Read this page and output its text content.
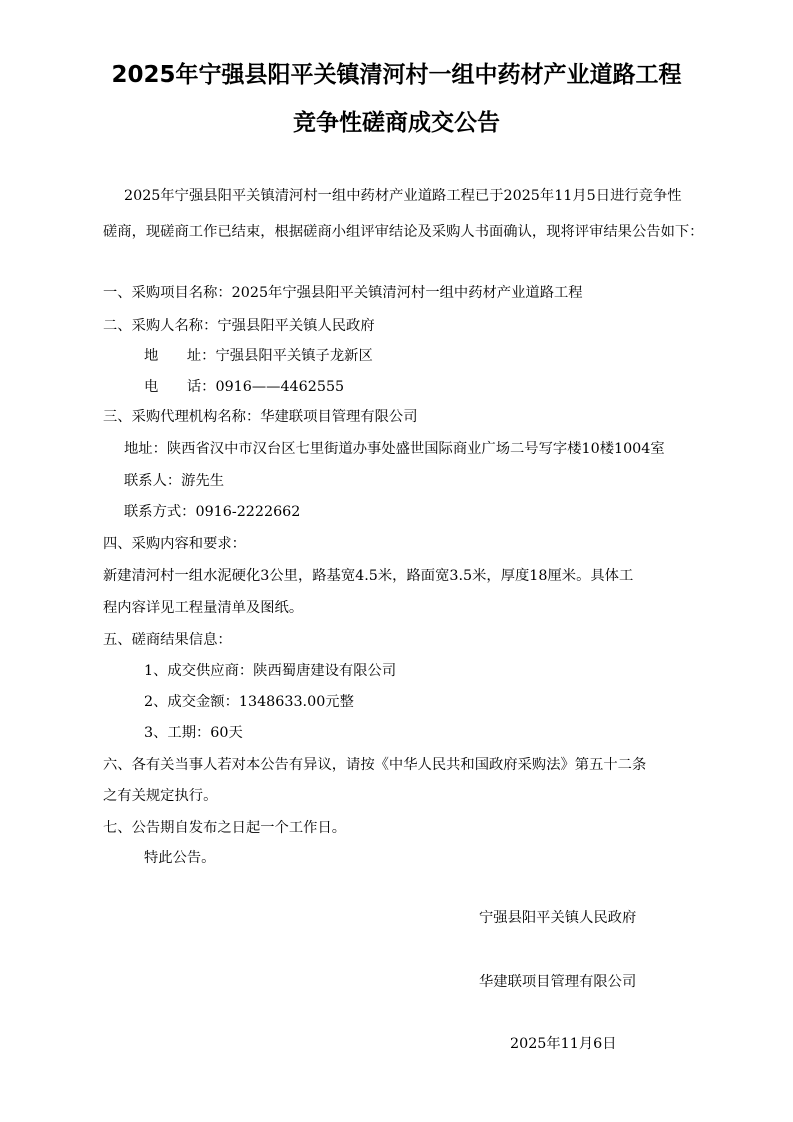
2025年宁强县阳平关镇清河村一组中药材产业道路工程
竞争性磋商成交公告
2025年宁强县阳平关镇清河村一组中药材产业道路工程已于2025年11月5日进行竞争性
磋商，现磋商工作已结束，根据磋商小组评审结论及采购人书面确认，现将评审结果公告如下：
一、采购项目名称：2025年宁强县阳平关镇清河村一组中药材产业道路工程
二、采购人名称：宁强县阳平关镇人民政府
地　　址：宁强县阳平关镇子龙新区
电　　话：0916——4462555
三、采购代理机构名称：华建联项目管理有限公司
地址：陕西省汉中市汉台区七里街道办事处盛世国际商业广场二号写字楼10楼1004室
联系人：游先生
联系方式：0916-2222662
四、采购内容和要求：
新建清河村一组水泥硬化3公里，路基宽4.5米，路面宽3.5米，厚度18厘米。具体工
程内容详见工程量清单及图纸。
五、磋商结果信息：
1、成交供应商：陕西蜀唐建设有限公司
2、成交金额：1348633.00元整
3、工期：60天
六、各有关当事人若对本公告有异议，请按《中华人民共和国政府采购法》第五十二条
之有关规定执行。
七、公告期自发布之日起一个工作日。
特此公告。
宁强县阳平关镇人民政府
华建联项目管理有限公司
2025年11月6日
